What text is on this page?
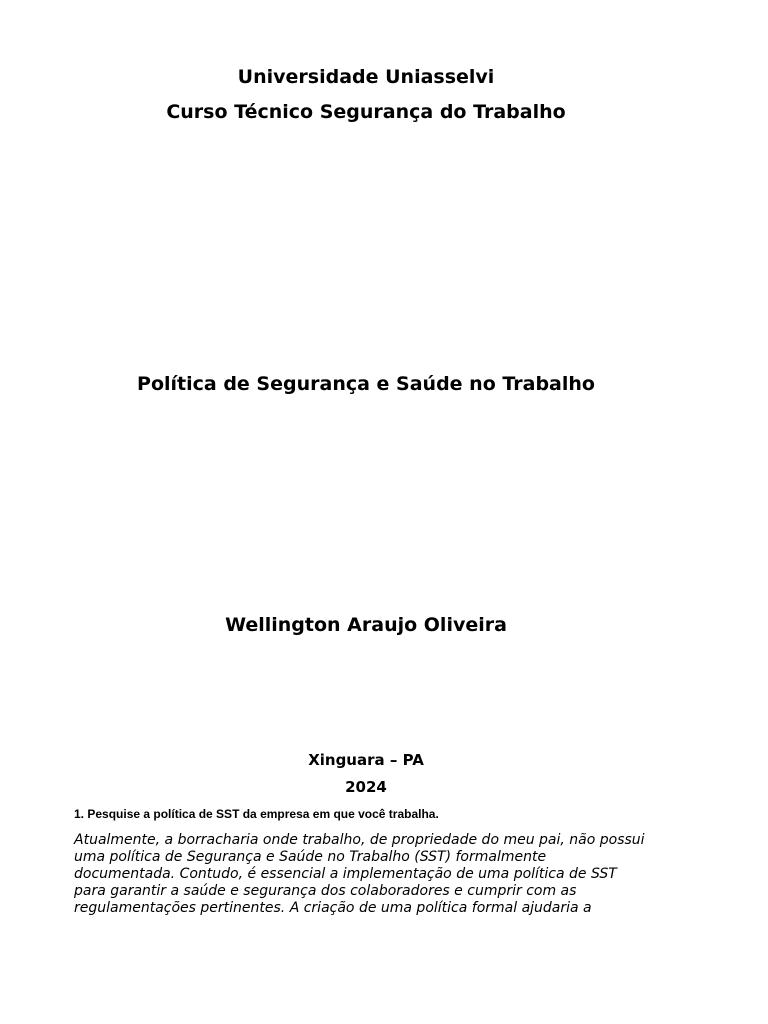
Universidade Uniasselvi
Curso Técnico Segurança do Trabalho
Política de Segurança e Saúde no Trabalho
Wellington Araujo Oliveira
Xinguara – PA
2024
1. Pesquise a política de SST da empresa em que você trabalha.
Atualmente, a borracharia onde trabalho, de propriedade do meu pai, não possui
uma política de Segurança e Saúde no Trabalho (SST) formalmente
documentada. Contudo, é essencial a implementação de uma política de SST
para garantir a saúde e segurança dos colaboradores e cumprir com as
regulamentações pertinentes. A criação de uma política formal ajudaria a
